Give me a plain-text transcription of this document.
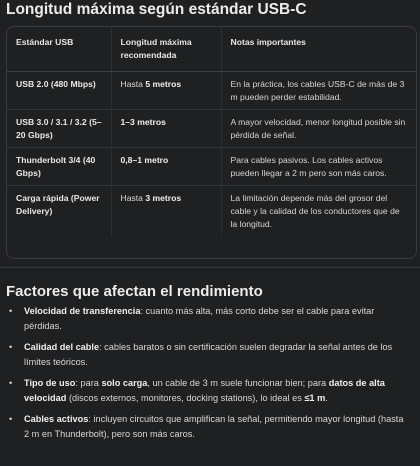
Longitud máxima según estándar USB-C
Estándar USB	Longitud máxima recomendada	Notas importantes
USB 2.0 (480 Mbps)	Hasta 5 metros	En la práctica, los cables USB-C de más de 3 m pueden perder estabilidad.
USB 3.0 / 3.1 / 3.2 (5–20 Gbps)	1–3 metros	A mayor velocidad, menor longitud posible sin pérdida de señal.
Thunderbolt 3/4 (40 Gbps)	0,8–1 metro	Para cables pasivos. Los cables activos pueden llegar a 2 m pero son más caros.
Carga rápida (Power Delivery)	Hasta 3 metros	La limitación depende más del grosor del cable y la calidad de los conductores que de la longitud.
Factores que afectan el rendimiento
• Velocidad de transferencia: cuanto más alta, más corto debe ser el cable para evitar pérdidas.
• Calidad del cable: cables baratos o sin certificación suelen degradar la señal antes de los límites teóricos.
• Tipo de uso: para solo carga, un cable de 3 m suele funcionar bien; para datos de alta velocidad (discos externos, monitores, docking stations), lo ideal es ≤1 m.
• Cables activos: incluyen circuitos que amplifican la señal, permitiendo mayor longitud (hasta 2 m en Thunderbolt), pero son más caros.
